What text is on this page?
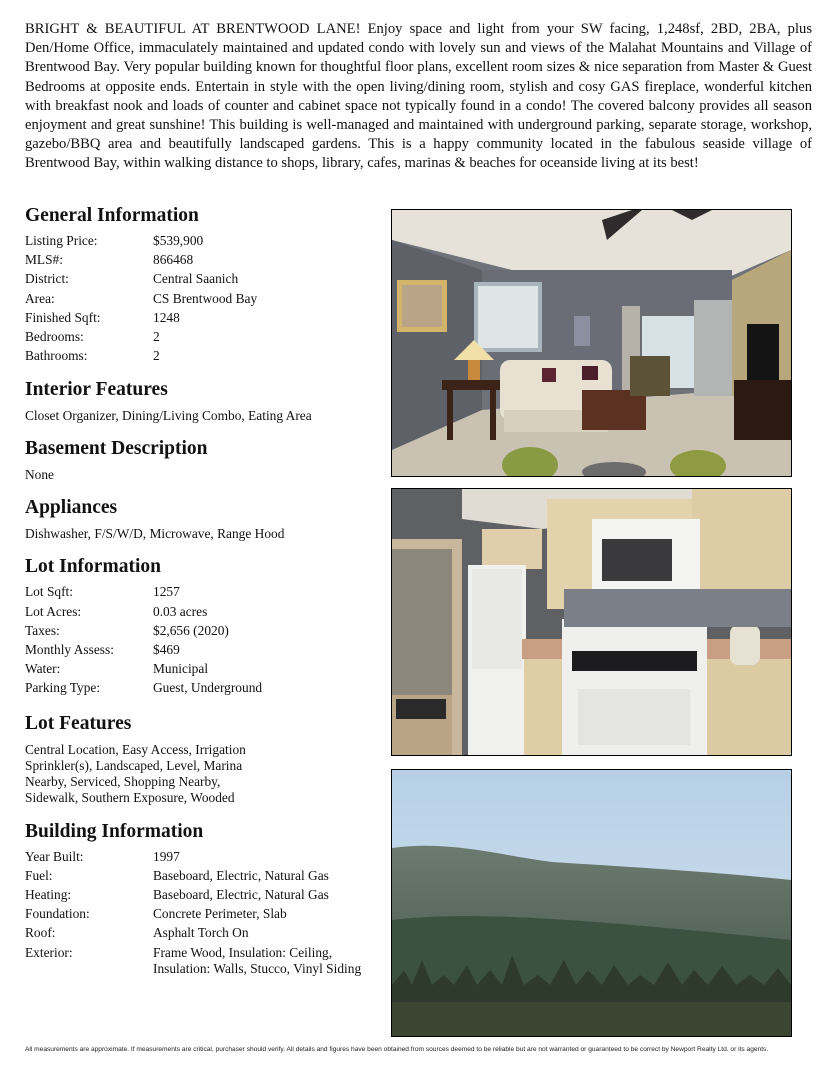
BRIGHT & BEAUTIFUL AT BRENTWOOD LANE! Enjoy space and light from your SW facing, 1,248sf, 2BD, 2BA, plus Den/Home Office, immaculately maintained and updated condo with lovely sun and views of the Malahat Mountains and Village of Brentwood Bay. Very popular building known for thoughtful floor plans, excellent room sizes & nice separation from Master & Guest Bedrooms at opposite ends. Entertain in style with the open living/dining room, stylish and cosy GAS fireplace, wonderful kitchen with breakfast nook and loads of counter and cabinet space not typically found in a condo! The covered balcony provides all season enjoyment and great sunshine! This building is well-managed and maintained with underground parking, separate storage, workshop, gazebo/BBQ area and beautifully landscaped gardens. This is a happy community located in the fabulous seaside village of Brentwood Bay, within walking distance to shops, library, cafes, marinas & beaches for oceanside living at its best!

General Information
Listing Price:	$539,900
MLS#:	866468
District:	Central Saanich
Area:	CS Brentwood Bay
Finished Sqft:	1248
Bedrooms:	2
Bathrooms:	2
Interior Features

Closet Organizer, Dining/Living Combo, Eating Area

Basement Description

None

Appliances

Dishwasher, F/S/W/D, Microwave, Range Hood

Lot Information
Lot Sqft:	1257
Lot Acres:	0.03 acres
Taxes:	$2,656 (2020)
Monthly Assess:	$469
Water:	Municipal
Parking Type:	Guest, Underground
Lot Features

Central Location, Easy Access, Irrigation Sprinkler(s), Landscaped, Level, Marina Nearby, Serviced, Shopping Nearby, Sidewalk, Southern Exposure, Wooded

Building Information
Year Built:	1997
Fuel:	Baseboard, Electric, Natural Gas
Heating:	Baseboard, Electric, Natural Gas
Foundation:	Concrete Perimeter, Slab
Roof:	Asphalt Torch On
Exterior:	Frame Wood, Insulation: Ceiling, Insulation: Walls, Stucco, Vinyl Siding
All measurements are approximate. If measurements are critical, purchaser should verify. All details and figures have been obtained from sources deemed to be reliable but are not warranted or guaranteed to be correct by Newport Realty Ltd. or its agents.
